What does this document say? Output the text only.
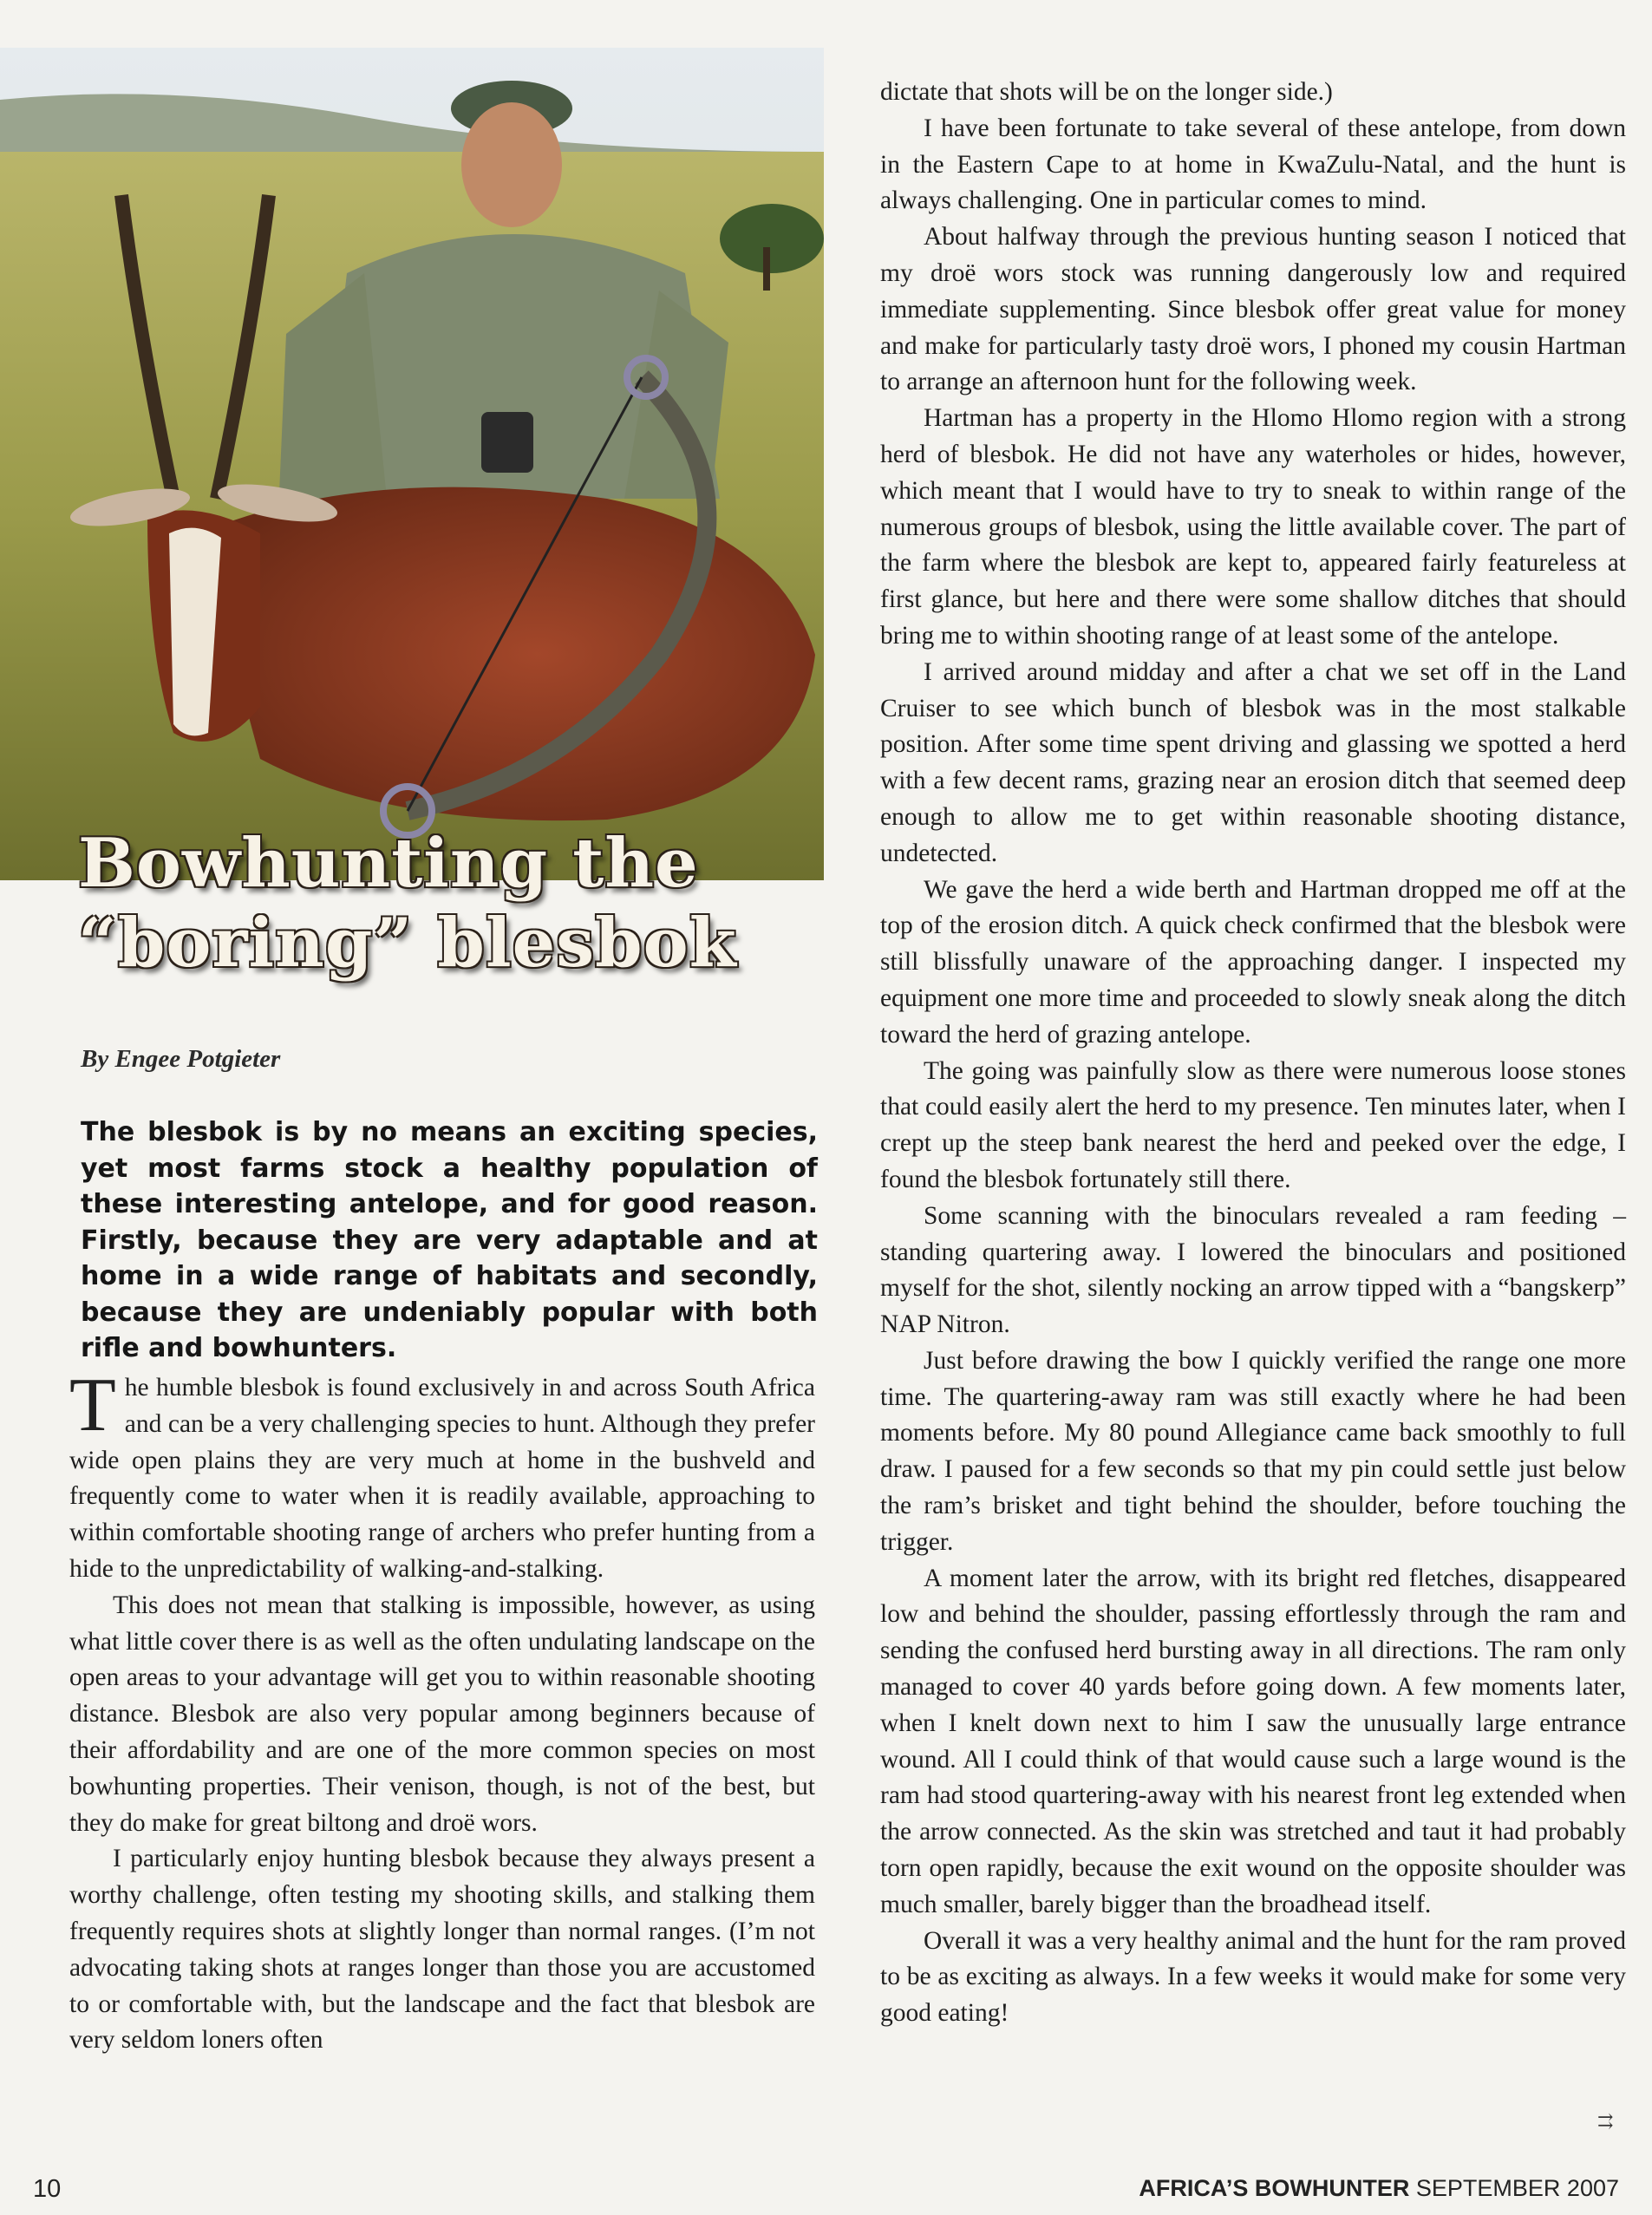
Bowhunting the
“boring” blesbok
By Engee Potgieter
The blesbok is by no means an exciting species, yet most farms stock a healthy population of these interesting antelope, and for good reason. Firstly, because they are very adaptable and at home in a wide range of habitats and secondly, because they are undeniably popular with both rifle and bowhunters.

The humble blesbok is found exclusively in and across South Africa and can be a very challenging species to hunt. Although they prefer wide open plains they are very much at home in the bushveld and frequently come to water when it is readily available, approaching to within comfortable shooting range of archers who prefer hunting from a hide to the unpredictability of walking-and-stalking.

This does not mean that stalking is impossible, however, as using what little cover there is as well as the often undulating landscape on the open areas to your advantage will get you to within reasonable shooting distance. Blesbok are also very popular among beginners because of their affordability and are one of the more common species on most bowhunting properties. Their venison, though, is not of the best, but they do make for great biltong and droë wors.

I particularly enjoy hunting blesbok because they always present a worthy challenge, often testing my shooting skills, and stalking them frequently requires shots at slightly longer than normal ranges. (I’m not advocating taking shots at ranges longer than those you are accustomed to or comfortable with, but the landscape and the fact that blesbok are very seldom loners often

dictate that shots will be on the longer side.)

I have been fortunate to take several of these antelope, from down in the Eastern Cape to at home in KwaZulu-Natal, and the hunt is always challenging. One in particular comes to mind.

About halfway through the previous hunting season I noticed that my droë wors stock was running dangerously low and required immediate supplementing. Since blesbok offer great value for money and make for particularly tasty droë wors, I phoned my cousin Hartman to arrange an afternoon hunt for the following week.

Hartman has a property in the Hlomo Hlomo region with a strong herd of blesbok. He did not have any waterholes or hides, however, which meant that I would have to try to sneak to within range of the numerous groups of blesbok, using the little available cover. The part of the farm where the blesbok are kept to, appeared fairly featureless at first glance, but here and there were some shallow ditches that should bring me to within shooting range of at least some of the antelope.

I arrived around midday and after a chat we set off in the Land Cruiser to see which bunch of blesbok was in the most stalkable position. After some time spent driving and glassing we spotted a herd with a few decent rams, grazing near an erosion ditch that seemed deep enough to allow me to get within reasonable shooting distance, undetected.

We gave the herd a wide berth and Hartman dropped me off at the top of the erosion ditch. A quick check confirmed that the blesbok were still blissfully unaware of the approaching danger. I inspected my equipment one more time and proceeded to slowly sneak along the ditch toward the herd of grazing antelope.

The going was painfully slow as there were numerous loose stones that could easily alert the herd to my presence. Ten minutes later, when I crept up the steep bank nearest the herd and peeked over the edge, I found the blesbok fortunately still there.

Some scanning with the binoculars revealed a ram feeding – standing quartering away. I lowered the binoculars and positioned myself for the shot, silently nocking an arrow tipped with a “bangskerp” NAP Nitron.

Just before drawing the bow I quickly verified the range one more time. The quartering-away ram was still exactly where he had been moments before. My 80 pound Allegiance came back smoothly to full draw. I paused for a few seconds so that my pin could settle just below the ram’s brisket and tight behind the shoulder, before touching the trigger.

A moment later the arrow, with its bright red fletches, disappeared low and behind the shoulder, passing effortlessly through the ram and sending the confused herd bursting away in all directions. The ram only managed to cover 40 yards before going down. A few moments later, when I knelt down next to him I saw the unusually large entrance wound. All I could think of that would cause such a large wound is the ram had stood quartering-away with his nearest front leg extended when the arrow connected. As the skin was stretched and taut it had probably torn open rapidly, because the exit wound on the opposite shoulder was much smaller, barely bigger than the broadhead itself.

Overall it was a very healthy animal and the hunt for the ram proved to be as exciting as always. In a few weeks it would make for some very good eating!

⇉
10	AFRICA’S BOWHUNTER SEPTEMBER 2007
